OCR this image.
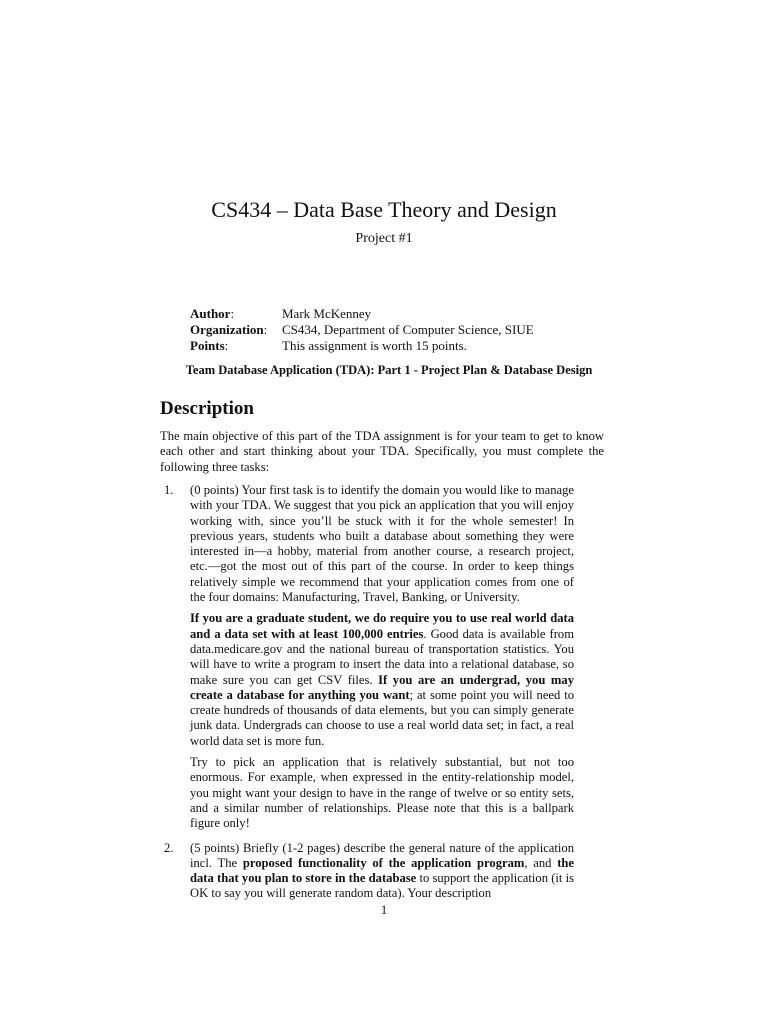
CS434 – Data Base Theory and Design
Project #1
Author:	Mark McKenney
Organization:	CS434, Department of Computer Science, SIUE
Points:	This assignment is worth 15 points.
Team Database Application (TDA): Part 1 - Project Plan & Database Design
Description

The main objective of this part of the TDA assignment is for your team to get to know each other and start thinking about your TDA. Specifically, you must complete the following three tasks:

1. (0 points) Your first task is to identify the domain you would like to manage with your TDA. We suggest that you pick an application that you will enjoy working with, since you’ll be stuck with it for the whole semester! In previous years, students who built a database about something they were interested in—a hobby, material from another course, a research project, etc.—got the most out of this part of the course. In order to keep things relatively simple we recommend that your application comes from one of the four domains: Manufacturing, Travel, Banking, or University.

If you are a graduate student, we do require you to use real world data and a data set with at least 100,000 entries. Good data is available from data.medicare.gov and the national bureau of transportation statistics. You will have to write a program to insert the data into a relational database, so make sure you can get CSV files. If you are an undergrad, you may create a database for anything you want; at some point you will need to create hundreds of thousands of data elements, but you can simply generate junk data. Undergrads can choose to use a real world data set; in fact, a real world data set is more fun.

Try to pick an application that is relatively substantial, but not too enormous. For example, when expressed in the entity-relationship model, you might want your design to have in the range of twelve or so entity sets, and a similar number of relationships. Please note that this is a ballpark figure only!

2. (5 points) Briefly (1-2 pages) describe the general nature of the application incl. The proposed functionality of the application program, and the data that you plan to store in the database to support the application (it is OK to say you will generate random data). Your description

1
